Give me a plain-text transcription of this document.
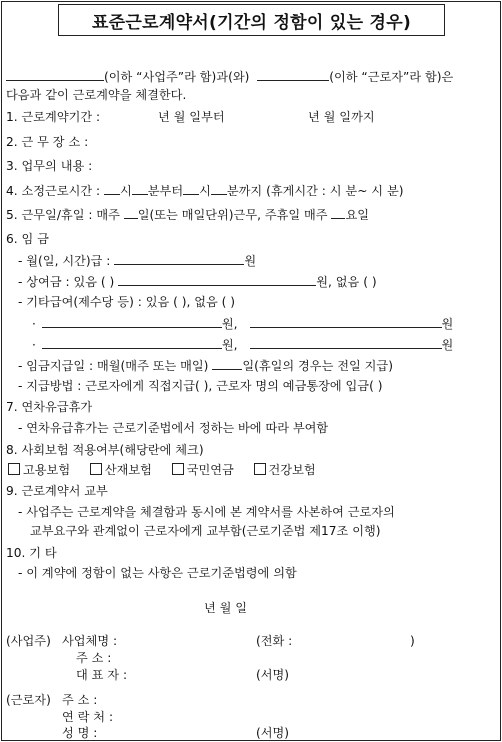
표준근로계약서(기간의 정함이 있는 경우)
(이하 “사업주”라 함)과(와)	(이하 “근로자”라 함)은
다음과 같이 근로계약을 체결한다.
1. 근로계약기간 :	년 월 일부터	년 월 일까지
2. 근 무 장 소 :
3. 업무의 내용 :
4. 소정근로시간 : 시 분부터 시 분까지 (휴게시간 : 시 분~ 시 분)
5. 근무일/휴일 : 매주 일(또는 매일단위)근무, 주휴일 매주 요일
6. 임 금
- 월(일, 시간)급 :	원
- 상여금 : 있음 ( )	원, 없음 ( )
- 기타급여(제수당 등) : 있음 ( ), 없음 ( )
·	원,	원
·	원,	원
- 임금지급일 : 매월(매주 또는 매일) 일(휴일의 경우는 전일 지급)
- 지급방법 : 근로자에게 직접지급( ), 근로자 명의 예금통장에 입금( )
7. 연차유급휴가
- 연차유급휴가는 근로기준법에서 정하는 바에 따라 부여함
8. 사회보험 적용여부(해당란에 체크)
고용보험	산재보험	국민연금	건강보험
9. 근로계약서 교부
- 사업주는 근로계약을 체결함과 동시에 본 계약서를 사본하여 근로자의
교부요구와 관계없이 근로자에게 교부함(근로기준법 제17조 이행)
10. 기 타
- 이 계약에 정함이 없는 사항은 근로기준법령에 의함
년 월 일
(사업주) 사업체명 :	(전화 :	)
주 소 :
대 표 자 :	(서명)
(근로자) 주 소 :
연 락 처 :
성 명 :	(서명)
